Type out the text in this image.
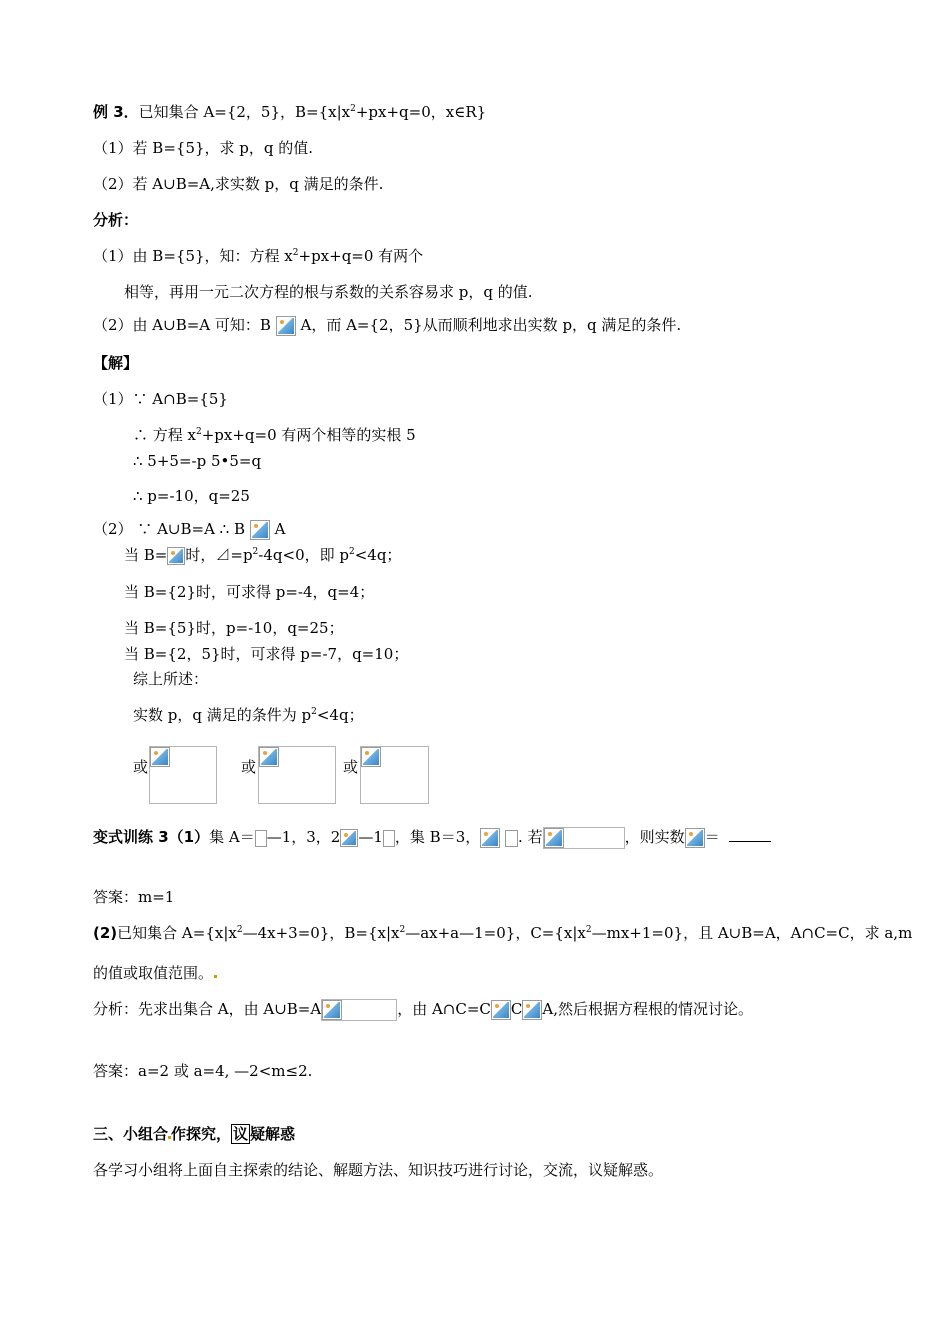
例 3．已知集合 A={2，5}，$B=\{x|x^2+px+q=0$，x∈R}
（1）若 B={5}，求 p，q 的值.
（2）若 A∪B=A,求实数 p，q 满足的条件.
分析：
（1）由 B={5}，知：方程 $x^2+px+q=0$ 有两个
相等，再用一元二次方程的根与系数的关系容易求 p，q 的值.
（2）由 A∪B=A 可知：B A，而 A={2，5}从而顺利地求出实数 p，q 满足的条件.
【解】
（1）∵ A∩B={5}
∴ 方程 $x^2+px+q=0$ 有两个相等的实根 5
∴ 5+5=-p 5•5=q
∴ p=-10，q=25
（2） ∵ A∪B=A ∴ B A
当 B= 时，$⊿=p^2-4q<0$，即 $p^2<4q$；
当 B={2}时，可求得 p=-4，q=4；
当 B={5}时，p=-10，q=25；
当 B={2，5}时，可求得 p=-7，q=10；
综上所述：
实数 p，q 满足的条件为 $p^2<4q$；
或	或	或
变式训练 3（1）集 A＝ —1，3，2 —1 ，集 B＝3，	. 若	，则实数 ＝
答案：m=1
(2)已知集合 $A=\{x|x^2—4x+3=0\}$，$B=\{x|x^2—ax+a—1=0\}$，$C=\{x|x^2—mx+1=0\}$，且 A∪B=A，A∩C=C，求 a,m
的值或取值范围。
分析：先求出集合 A，由 A∪B=A	，由 A∩C=C C A,然后根据方程根的情况讨论。
答案：a=2 或 a=4, —2<m≤2.
三、小组合 作探究， 议 疑解惑
各学习小组将上面自主探索的结论、解题方法、知识技巧进行讨论，交流，议疑解惑。
